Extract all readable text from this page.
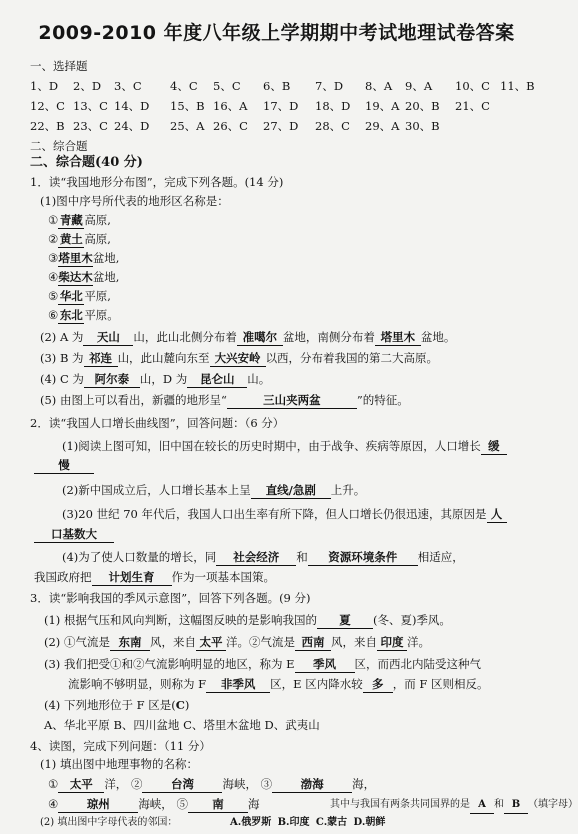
2009-2010 年度八年级上学期期中考试地理试卷答案
一、选择题
1、D 2、D 3、C 4、C 5、C 6、B 7、D 8、A 9、A 10、C 11、B
12、C 13、C 14、D 15、B 16、A 17、D 18、D 19、A 20、B 21、C
22、B 23、C 24、D 25、A 26、C 27、D 28、C 29、A 30、B
二、综合题
二、综合题(40 分)
1．读“我国地形分布图”，完成下列各题。(14 分)
(1)图中序号所代表的地形区名称是：
① 青藏 高原,
② 黄土 高原,
③塔里木盆地,
④柴达木盆地,
⑤ 华北 平原,
⑥ 东北 平原。
(2) A 为 天山 山，此山北侧分布着 准噶尔 盆地，南侧分布着 塔里木 盆地。
(3) B 为 祁连 山，此山麓向东至 大兴安岭 以西，分布着我国的第二大高原。
(4) C 为 阿尔泰 山，D 为 昆仑山 山。
(5) 由图上可以看出，新疆的地形呈“	三山夹两盆	”的特征。
2．读“我国人口增长曲线图”，回答问题：（6 分）
(1)阅读上图可知，旧中国在较长的历史时期中，由于战争、疾病等原因，人口增长 缓
慢
(2)新中国成立后，人口增长基本上呈 直线/急剧 上升。
(3)20 世纪 70 年代后，我国人口出生率有所下降，但人口增长仍很迅速，其原因是 人
口基数大
(4)为了使人口数量的增长，同 社会经济 和 资源环境条件 相适应，
我国政府把 计划生育 作为一项基本国策。
3．读“影响我国的季风示意图”，回答下列各题。(9 分)
(1) 根据气压和风向判断，这幅图反映的是影响我国的 夏 (冬、夏)季风。
(2) ①气流是 东南 风，来自 太平 洋。②气流是 西南 风，来自 印度 洋。
(3) 我们把受①和②气流影响明显的地区，称为 E 季风 区，而西北内陆受这种气
流影响不够明显，则称为 F 非季风 区，E 区内降水较 多 ，而 F 区则相反。
(4) 下列地形位于 F 区是(C)
A、华北平原 B、四川盆地 C、塔里木盆地 D、武夷山
4、读图，完成下列问题：（11 分）
(1) 填出图中地理事物的名称：
① 太平 洋， ② 台湾 海峡， ③ 渤海 海，
④ 琼州 海峡， ⑤ 南 海
(2) 填出图中字母代表的邻国：	A.俄罗斯 B.印度 C.蒙古 D.朝鲜
其中与我国有两条共同国界的是 A 和 B （填字母）
